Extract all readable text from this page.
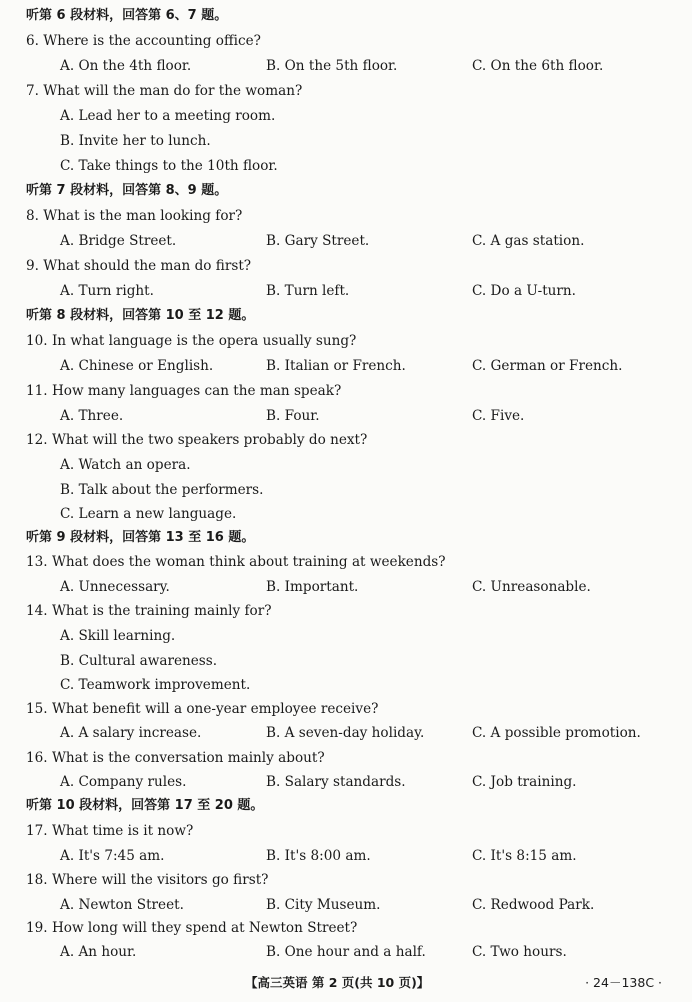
听第 6 段材料，回答第 6、7 题。
6. Where is the accounting office?
A. On the 4th floor.	B. On the 5th floor.	C. On the 6th floor.
7. What will the man do for the woman?
A. Lead her to a meeting room.
B. Invite her to lunch.
C. Take things to the 10th floor.
听第 7 段材料，回答第 8、9 题。
8. What is the man looking for?
A. Bridge Street.	B. Gary Street.	C. A gas station.
9. What should the man do first?
A. Turn right.	B. Turn left.	C. Do a U-turn.
听第 8 段材料，回答第 10 至 12 题。
10. In what language is the opera usually sung?
A. Chinese or English.	B. Italian or French.	C. German or French.
11. How many languages can the man speak?
A. Three.	B. Four.	C. Five.
12. What will the two speakers probably do next?
A. Watch an opera.
B. Talk about the performers.
C. Learn a new language.
听第 9 段材料，回答第 13 至 16 题。
13. What does the woman think about training at weekends?
A. Unnecessary.	B. Important.	C. Unreasonable.
14. What is the training mainly for?
A. Skill learning.
B. Cultural awareness.
C. Teamwork improvement.
15. What benefit will a one-year employee receive?
A. A salary increase.	B. A seven-day holiday.	C. A possible promotion.
16. What is the conversation mainly about?
A. Company rules.	B. Salary standards.	C. Job training.
听第 10 段材料，回答第 17 至 20 题。
17. What time is it now?
A. It's 7:45 am.	B. It's 8:00 am.	C. It's 8:15 am.
18. Where will the visitors go first?
A. Newton Street.	B. City Museum.	C. Redwood Park.
19. How long will they spend at Newton Street?
A. An hour.	B. One hour and a half.	C. Two hours.
【高三英语 第 2 页(共 10 页)】	· 24－138C ·
